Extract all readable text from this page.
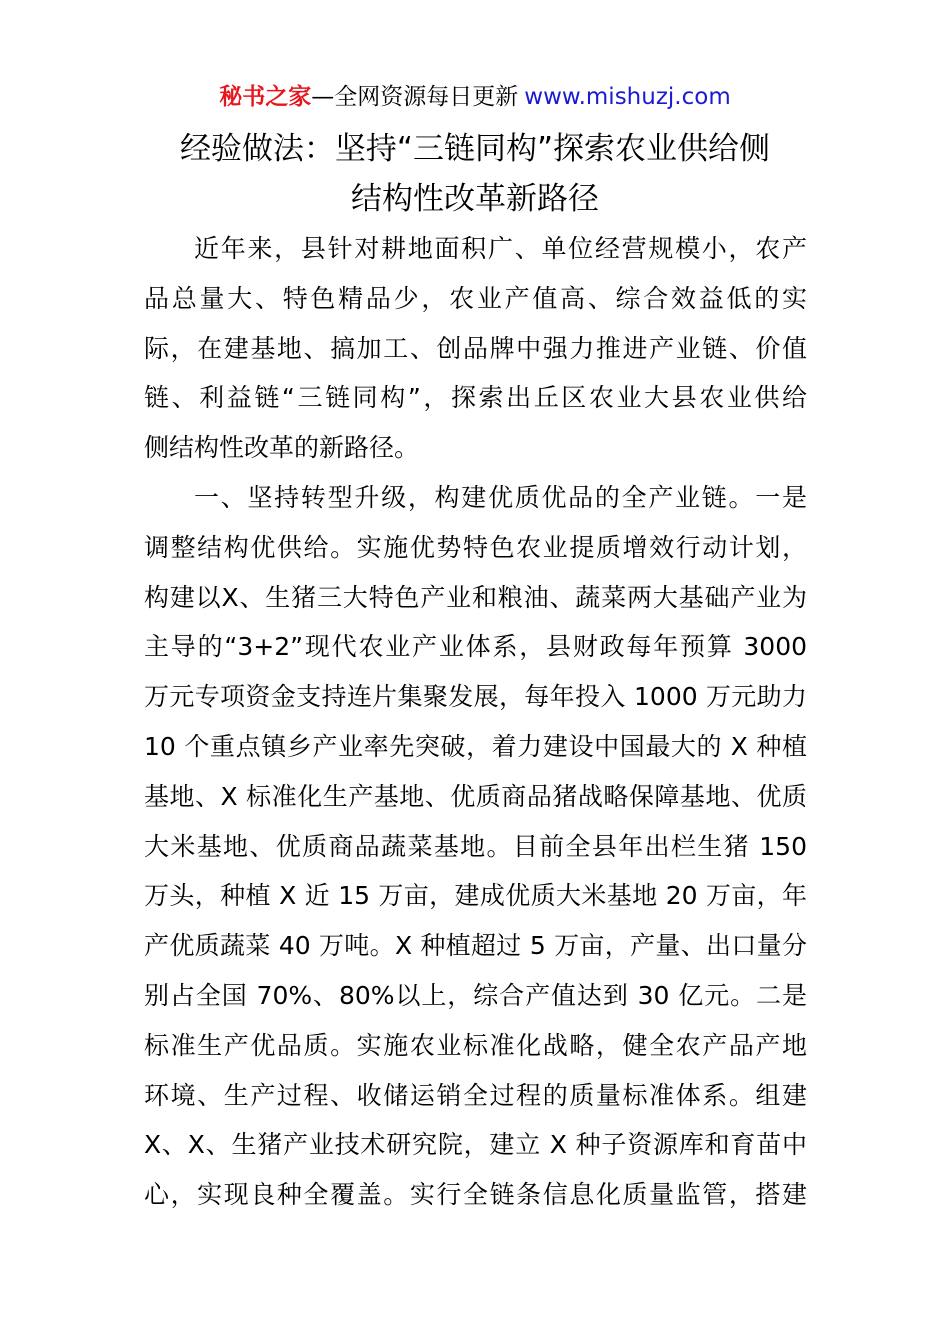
秘书之家—全网资源每日更新 www.mishuzj.com
经验做法：坚持“三链同构”探索农业供给侧
结构性改革新路径
近年来，县针对耕地面积广、单位经营规模小，农产
品总量大、特色精品少，农业产值高、综合效益低的实
际，在建基地、搞加工、创品牌中强力推进产业链、价值
链、利益链“三链同构”，探索出丘区农业大县农业供给
侧结构性改革的新路径。
一、坚持转型升级，构建优质优品的全产业链。一是
调整结构优供给。实施优势特色农业提质增效行动计划，
构建以X、生猪三大特色产业和粮油、蔬菜两大基础产业为
主导的“3+2”现代农业产业体系，县财政每年预算 3000
万元专项资金支持连片集聚发展，每年投入 1000 万元助力
10 个重点镇乡产业率先突破，着力建设中国最大的 X 种植
基地、X 标准化生产基地、优质商品猪战略保障基地、优质
大米基地、优质商品蔬菜基地。目前全县年出栏生猪 150
万头，种植 X 近 15 万亩，建成优质大米基地 20 万亩，年
产优质蔬菜 40 万吨。X 种植超过 5 万亩，产量、出口量分
别占全国 70%、80%以上，综合产值达到 30 亿元。二是
标准生产优品质。实施农业标准化战略，健全农产品产地
环境、生产过程、收储运销全过程的质量标准体系。组建
X、X、生猪产业技术研究院，建立 X 种子资源库和育苗中
心，实现良种全覆盖。实行全链条信息化质量监管，搭建
